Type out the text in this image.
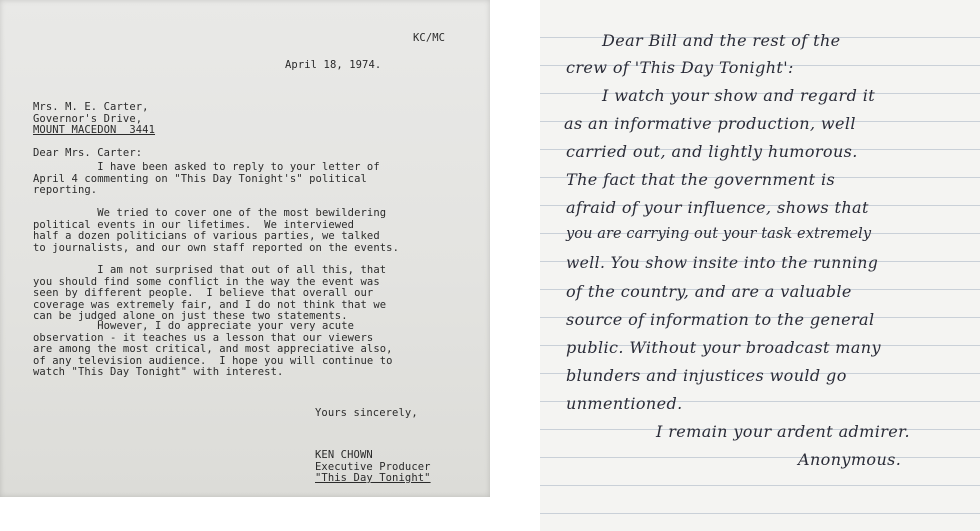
KC/MC
April 18, 1974.
Mrs. M. E. Carter,
Governor's Drive,
MOUNT MACEDON  3441
Dear Mrs. Carter:
I have been asked to reply to your letter of
April 4 commenting on "This Day Tonight's" political
reporting.
We tried to cover one of the most bewildering
political events in our lifetimes.  We interviewed
half a dozen politicians of various parties, we talked
to journalists, and our own staff reported on the events.
I am not surprised that out of all this, that
you should find some conflict in the way the event was
seen by different people.  I believe that overall our
coverage was extremely fair, and I do not think that we
can be judged alone on just these two statements.
However, I do appreciate your very acute
observation - it teaches us a lesson that our viewers
are among the most critical, and most appreciative also,
of any television audience.  I hope you will continue to
watch "This Day Tonight" with interest.
Yours sincerely,
KEN CHOWN
Executive Producer
"This Day Tonight"
Dear Bill and the rest of the
crew of 'This Day Tonight':
I watch your show and regard it
as an informative production, well
carried out, and lightly humorous.
The fact that the government is
afraid of your influence, shows that
you are carrying out your task extremely
well. You show insite into the running
of the country, and are a valuable
source of information to the general
public. Without your broadcast many
blunders and injustices would go
unmentioned.
I remain your ardent admirer.
Anonymous.
